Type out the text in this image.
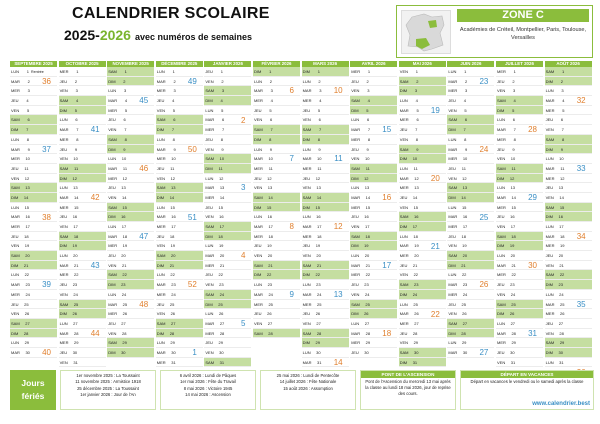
CALENDRIER SCOLAIRE
2025-2026 avec numéros de semaines
ZONE C
Académies de Créteil, Montpellier, Paris, Toulouse,
Versailles
SEPTEMBRE 2025
LUN 1 Rentrée
36
MAR 2
MER 3
JEU 4
VEN 5
SAM 6
DIM 7
LUN 8
37
MAR 9
MER 10
JEU 11
VEN 12
SAM 13
DIM 14
LUN 15
38
MAR 16
MER 17
JEU 18
VEN 19
SAM 20
DIM 21
LUN 22
39
MAR 23
MER 24
JEU 25
VEN 26
SAM 27
DIM 28
LUN 29
40
MAR 30
OCTOBRE 2025
MER 1
JEU 2
VEN 3
SAM 4
DIM 5
LUN 6
41
MAR 7
MER 8
JEU 9
VEN 10
SAM 11
DIM 12
LUN 13
42
MAR 14
MER 15
JEU 16
VEN 17
SAM 18
DIM 19
LUN 20
43
MAR 21
MER 22
JEU 23
VEN 24
SAM 25
DIM 26
LUN 27
44
MAR 28
MER 29
JEU 30
VEN 31
NOVEMBRE 2025
SAM 1
DIM 2
LUN 3
45
MAR 4
MER 5
JEU 6
VEN 7
SAM 8
DIM 9
LUN 10
46
MAR 11
MER 12
JEU 13
VEN 14
SAM 15
DIM 16
LUN 17
47
MAR 18
MER 19
JEU 20
VEN 21
SAM 22
DIM 23
LUN 24
48
MAR 25
MER 26
JEU 27
VEN 28
SAM 29
DIM 30
DÉCEMBRE 2025
LUN 1
49
MAR 2
MER 3
JEU 4
VEN 5
SAM 6
DIM 7
LUN 8
50
MAR 9
MER 10
JEU 11
VEN 12
SAM 13
DIM 14
LUN 15
51
MAR 16
MER 17
JEU 18
VEN 19
SAM 20
DIM 21
LUN 22
52
MAR 23
MER 24
JEU 25
VEN 26
SAM 27
DIM 28
LUN 29
1
MAR 30
MER 31
JANVIER 2026
JEU 1
VEN 2
SAM 3
DIM 4
LUN 5
2
MAR 6
MER 7
JEU 8
VEN 9
SAM 10
DIM 11
LUN 12
3
MAR 13
MER 14
JEU 15
VEN 16
SAM 17
DIM 18
LUN 19
4
MAR 20
MER 21
JEU 22
VEN 23
SAM 24
DIM 25
LUN 26
5
MAR 27
MER 28
JEU 29
VEN 30
SAM 31
FÉVRIER 2026
DIM 1
LUN 2
6
MAR 3
MER 4
JEU 5
VEN 6
SAM 7
DIM 8
LUN 9
7
MAR 10
MER 11
JEU 12
VEN 13
SAM 14
DIM 15
LUN 16
8
MAR 17
MER 18
JEU 19
VEN 20
SAM 21
DIM 22
LUN 23
9
MAR 24
MER 25
JEU 26
VEN 27
SAM 28
MARS 2026
DIM 1
LUN 2
10
MAR 3
MER 4
JEU 5
VEN 6
SAM 7
DIM 8
LUN 9
11
MAR 10
MER 11
JEU 12
VEN 13
SAM 14
DIM 15
LUN 16
12
MAR 17
MER 18
JEU 19
VEN 20
SAM 21
DIM 22
LUN 23
13
MAR 24
MER 25
JEU 26
VEN 27
SAM 28
DIM 29
LUN 30
14
MAR 31
AVRIL 2026
MER 1
JEU 2
VEN 3
SAM 4
DIM 5
LUN 6
15
MAR 7
MER 8
JEU 9
VEN 10
SAM 11
DIM 12
LUN 13
16
MAR 14
MER 15
JEU 16
VEN 17
SAM 18
DIM 19
LUN 20
17
MAR 21
MER 22
JEU 23
VEN 24
SAM 25
DIM 26
LUN 27
18
MAR 28
MER 29
JEU 30
MAI 2026
VEN 1
SAM 2
DIM 3
LUN 4
19
MAR 5
MER 6
JEU 7
VEN 8
SAM 9
DIM 10
LUN 11
20
MAR 12
MER 13
JEU 14
VEN 15
SAM 16
DIM 17
LUN 18
21
MAR 19
MER 20
JEU 21
VEN 22
SAM 23
DIM 24
LUN 25
22
MAR 26
MER 27
JEU 28
VEN 29
SAM 30
DIM 31
JUIN 2026
LUN 1
23
MAR 2
MER 3
JEU 4
VEN 5
SAM 6
DIM 7
LUN 8
24
MAR 9
MER 10
JEU 11
VEN 12
SAM 13
DIM 14
LUN 15
25
MAR 16
MER 17
JEU 18
VEN 19
SAM 20
DIM 21
LUN 22
26
MAR 23
MER 24
JEU 25
VEN 26
SAM 27
DIM 28
LUN 29
27
MAR 30
JUILLET 2026
MER 1
JEU 2
VEN 3
SAM 4
DIM 5
LUN 6
28
MAR 7
MER 8
JEU 9
VEN 10
SAM 11
DIM 12
LUN 13
29
MAR 14
MER 15
JEU 16
VEN 17
SAM 18
DIM 19
LUN 20
30
MAR 21
MER 22
JEU 23
VEN 24
SAM 25
DIM 26
LUN 27
31
MAR 28
MER 29
JEU 30
VEN 31
AOÛT 2026
SAM 1
DIM 2
LUN 3
32
MAR 4
MER 5
JEU 6
VEN 7
SAM 8
DIM 9
LUN 10
33
MAR 11
MER 12
JEU 13
VEN 14
SAM 15
DIM 16
LUN 17
34
MAR 18
MER 19
JEU 20
VEN 21
SAM 22
DIM 23
LUN 24
35
MAR 25
MER 26
JEU 27
VEN 28
SAM 29
DIM 30
LUN 31
Jours
fériés
1er novembre 2025 : La Toussaint
11 novembre 2025 : Armistice 1918
25 décembre 2025 : La Toussaint
1er janvier 2026 : Jour de l'An
6 avril 2026 : Lundi de Pâques
1er mai 2026 : Fête du Travail
8 mai 2026 : Victoire 1945
14 mai 2026 : Ascension
25 mai 2026 : Lundi de Pentecôte
14 juillet 2026 : Fête Nationale
15 août 2026 : Assomption
PONT DE L'ASCENSION
Pont de l'Ascension du mercredi 13 mai après la classe au lundi 18 mai 2026, jour de reprise des cours.
DÉPART EN VACANCES
Départ en vacances le vendredi ou le samedi après la classe
www.calendrier.best
